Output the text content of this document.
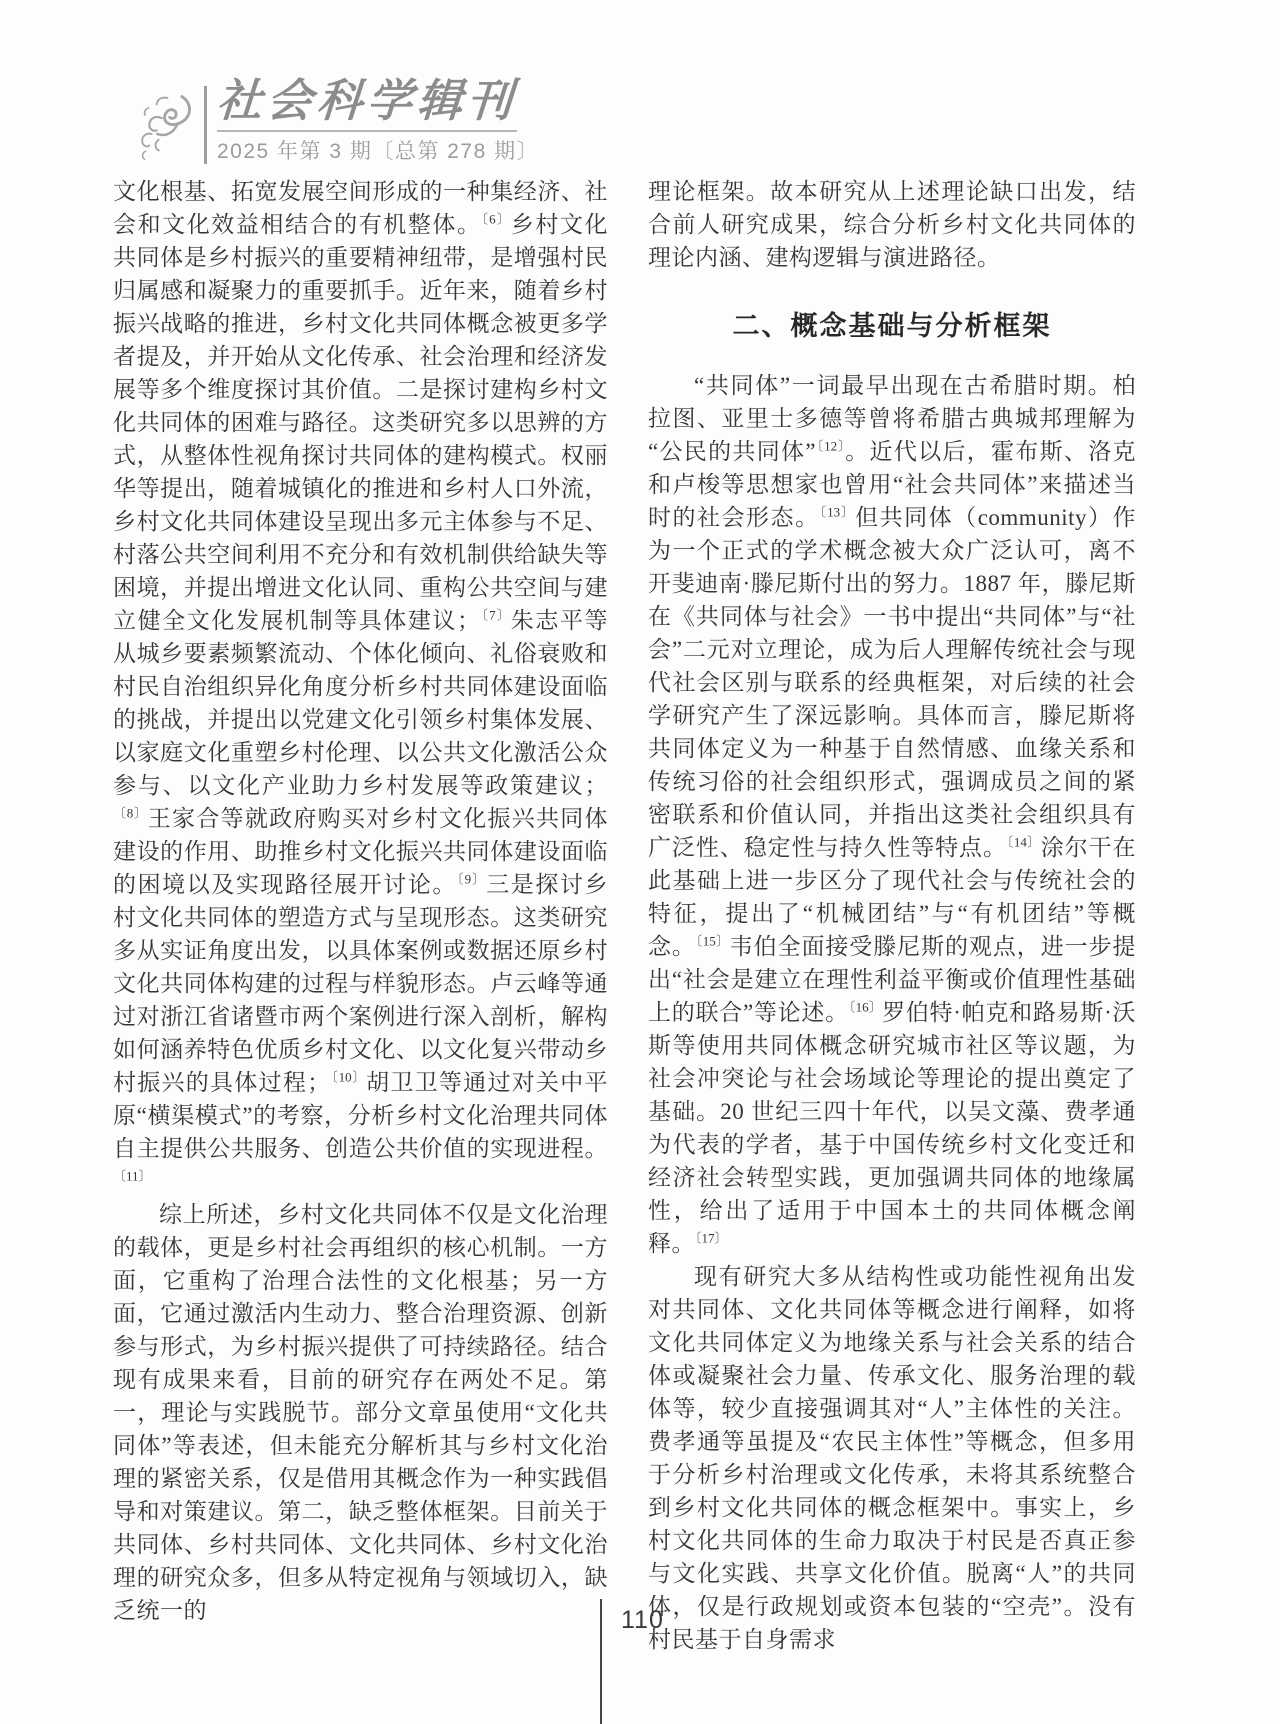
社会科学辑刊
2025 年第 3 期〔总第 278 期〕

文化根基、拓宽发展空间形成的一种集经济、社会和文化效益相结合的有机整体。$^{〔6〕}$乡村文化共同体是乡村振兴的重要精神纽带，是增强村民归属感和凝聚力的重要抓手。近年来，随着乡村振兴战略的推进，乡村文化共同体概念被更多学者提及，并开始从文化传承、社会治理和经济发展等多个维度探讨其价值。二是探讨建构乡村文化共同体的困难与路径。这类研究多以思辨的方式，从整体性视角探讨共同体的建构模式。权丽华等提出，随着城镇化的推进和乡村人口外流，乡村文化共同体建设呈现出多元主体参与不足、村落公共空间利用不充分和有效机制供给缺失等困境，并提出增进文化认同、重构公共空间与建立健全文化发展机制等具体建议；$^{〔7〕}$朱志平等从城乡要素频繁流动、个体化倾向、礼俗衰败和村民自治组织异化角度分析乡村共同体建设面临的挑战，并提出以党建文化引领乡村集体发展、以家庭文化重塑乡村伦理、以公共文化激活公众参与、以文化产业助力乡村发展等政策建议；$^{〔8〕}$王家合等就政府购买对乡村文化振兴共同体建设的作用、助推乡村文化振兴共同体建设面临的困境以及实现路径展开讨论。$^{〔9〕}$三是探讨乡村文化共同体的塑造方式与呈现形态。这类研究多从实证角度出发，以具体案例或数据还原乡村文化共同体构建的过程与样貌形态。卢云峰等通过对浙江省诸暨市两个案例进行深入剖析，解构如何涵养特色优质乡村文化、以文化复兴带动乡村振兴的具体过程；$^{〔10〕}$胡卫卫等通过对关中平原“横渠模式”的考察，分析乡村文化治理共同体自主提供公共服务、创造公共价值的实现进程。$^{〔11〕}$

综上所述，乡村文化共同体不仅是文化治理的载体，更是乡村社会再组织的核心机制。一方面，它重构了治理合法性的文化根基；另一方面，它通过激活内生动力、整合治理资源、创新参与形式，为乡村振兴提供了可持续路径。结合现有成果来看，目前的研究存在两处不足。第一，理论与实践脱节。部分文章虽使用“文化共同体”等表述，但未能充分解析其与乡村文化治理的紧密关系，仅是借用其概念作为一种实践倡导和对策建议。第二，缺乏整体框架。目前关于共同体、乡村共同体、文化共同体、乡村文化治理的研究众多，但多从特定视角与领域切入，缺乏统一的

理论框架。故本研究从上述理论缺口出发，结合前人研究成果，综合分析乡村文化共同体的理论内涵、建构逻辑与演进路径。

二、概念基础与分析框架

“共同体”一词最早出现在古希腊时期。柏拉图、亚里士多德等曾将希腊古典城邦理解为“公民的共同体”$^{〔12〕}$。近代以后，霍布斯、洛克和卢梭等思想家也曾用“社会共同体”来描述当时的社会形态。$^{〔13〕}$但共同体（community）作为一个正式的学术概念被大众广泛认可，离不开斐迪南·滕尼斯付出的努力。1887 年，滕尼斯在《共同体与社会》一书中提出“共同体”与“社会”二元对立理论，成为后人理解传统社会与现代社会区别与联系的经典框架，对后续的社会学研究产生了深远影响。具体而言，滕尼斯将共同体定义为一种基于自然情感、血缘关系和传统习俗的社会组织形式，强调成员之间的紧密联系和价值认同，并指出这类社会组织具有广泛性、稳定性与持久性等特点。$^{〔14〕}$涂尔干在此基础上进一步区分了现代社会与传统社会的特征，提出了“机械团结”与“有机团结”等概念。$^{〔15〕}$韦伯全面接受滕尼斯的观点，进一步提出“社会是建立在理性利益平衡或价值理性基础上的联合”等论述。$^{〔16〕}$罗伯特·帕克和路易斯·沃斯等使用共同体概念研究城市社区等议题，为社会冲突论与社会场域论等理论的提出奠定了基础。20 世纪三四十年代，以吴文藻、费孝通为代表的学者，基于中国传统乡村文化变迁和经济社会转型实践，更加强调共同体的地缘属性，给出了适用于中国本土的共同体概念阐释。$^{〔17〕}$

现有研究大多从结构性或功能性视角出发对共同体、文化共同体等概念进行阐释，如将文化共同体定义为地缘关系与社会关系的结合体或凝聚社会力量、传承文化、服务治理的载体等，较少直接强调其对“人”主体性的关注。费孝通等虽提及“农民主体性”等概念，但多用于分析乡村治理或文化传承，未将其系统整合到乡村文化共同体的概念框架中。事实上，乡村文化共同体的生命力取决于村民是否真正参与文化实践、共享文化价值。脱离“人”的共同体，仅是行政规划或资本包装的“空壳”。没有村民基于自身需求

110
